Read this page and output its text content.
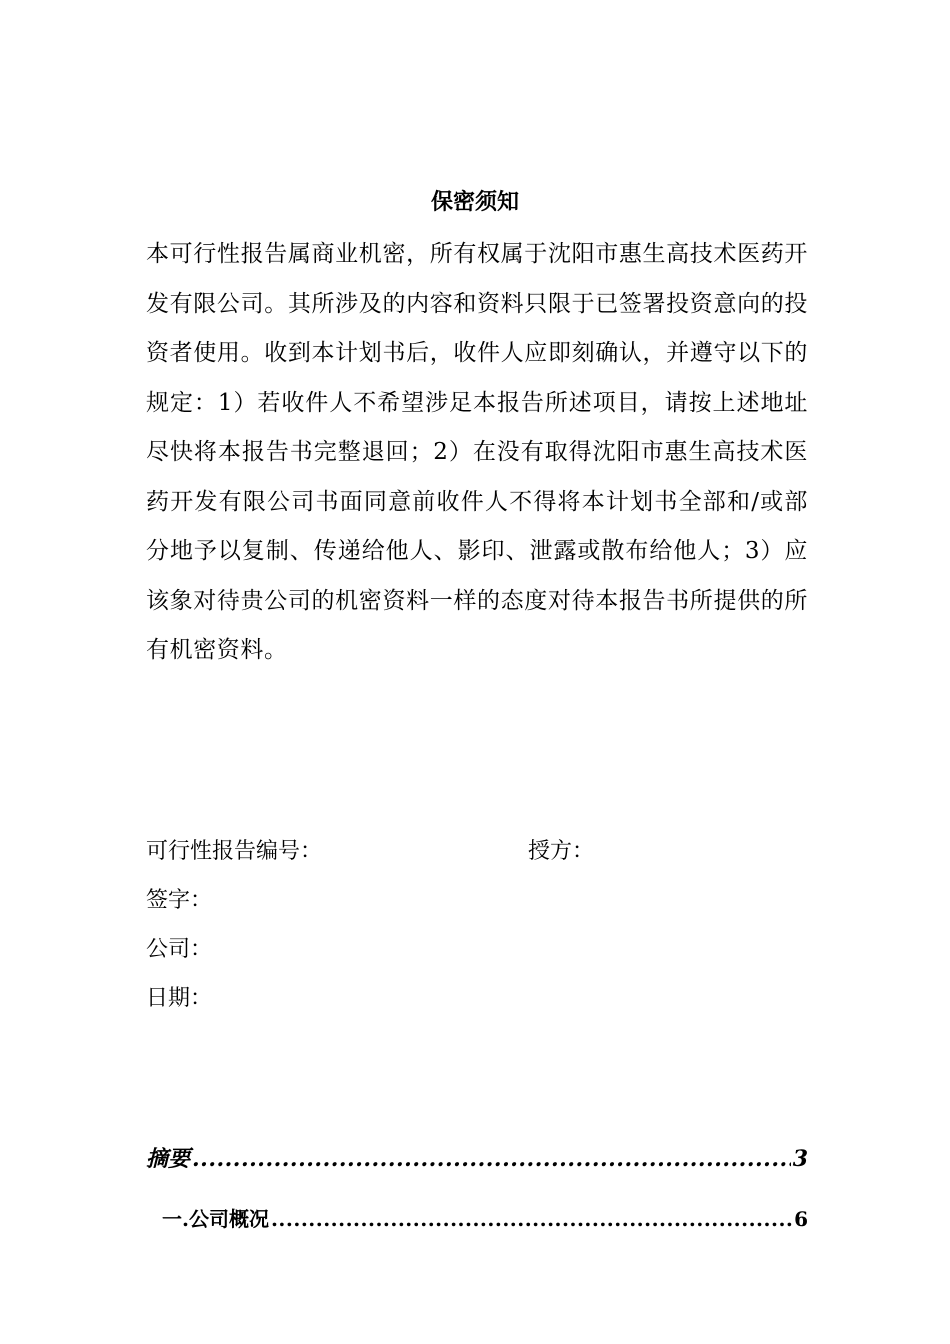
保密须知
本可行性报告属商业机密，所有权属于沈阳市惠生高技术医药开发有限公司。其所涉及的内容和资料只限于已签署投资意向的投资者使用。收到本计划书后，收件人应即刻确认，并遵守以下的规定：1）若收件人不希望涉足本报告所述项目，请按上述地址尽快将本报告书完整退回；2）在没有取得沈阳市惠生高技术医药开发有限公司书面同意前收件人不得将本计划书全部和/或部分地予以复制、传递给他人、影印、泄露或散布给他人；3）应该象对待贵公司的机密资料一样的态度对待本报告书所提供的所有机密资料。
可行性报告编号：	授方：
签字：
公司：
日期：
摘要 .....	3
一.公司概况 .....	6
